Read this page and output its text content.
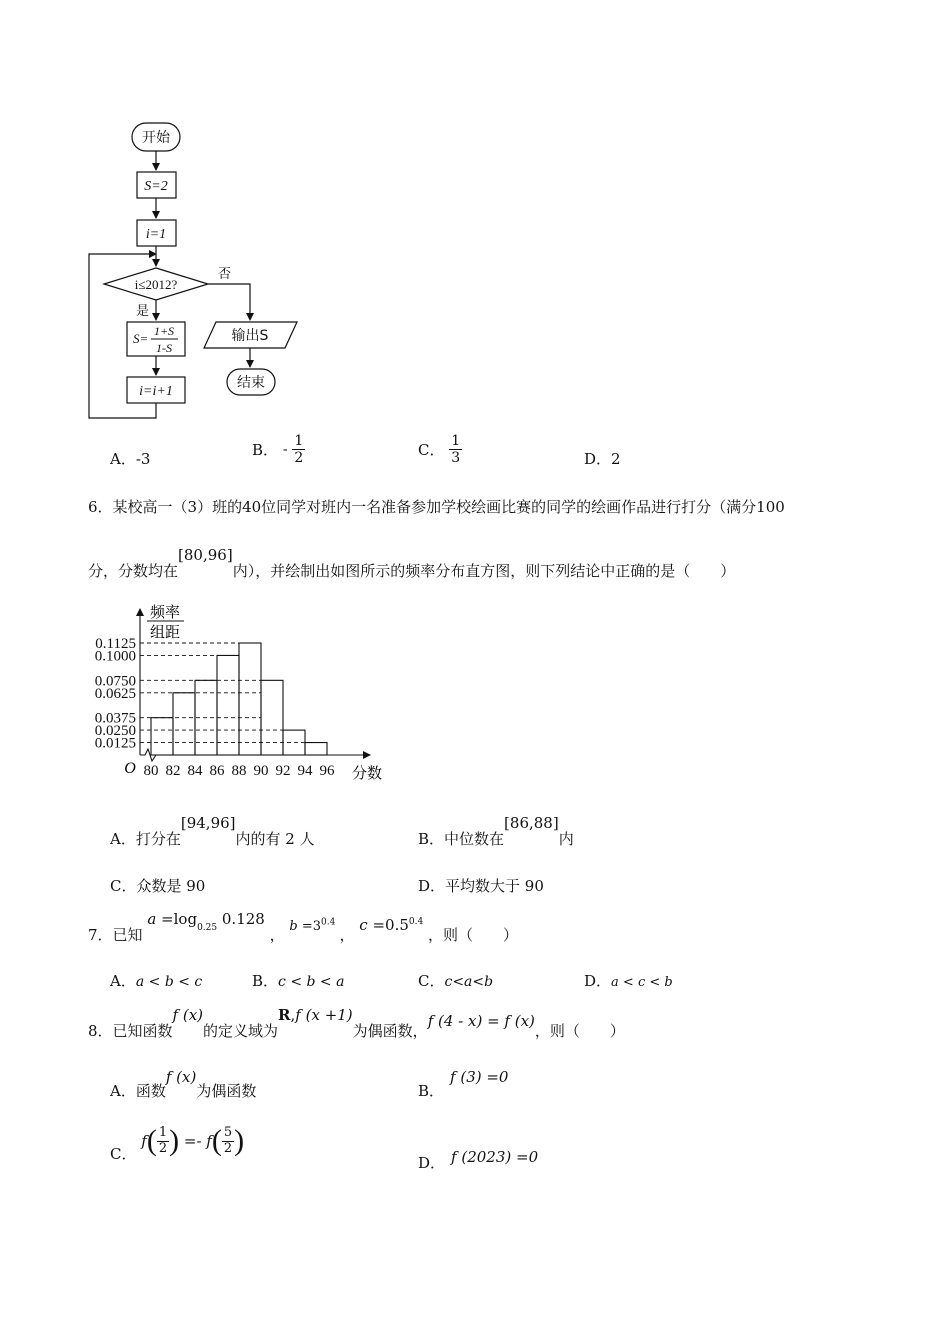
开始
S=2
i=1
i≤2012?
是
否
S= 1+S
1-S
i=i+1
输出S
结束
A．-3	B． - $\frac{1}{2}$	C． $\frac{1}{3}$	D．2
6．某校高一（3）班的40位同学对班内一名准备参加学校绘画比赛的同学的绘画作品进行打分（满分100
分，分数均在[80,96]内），并绘制出如图所示的频率分布直方图，则下列结论中正确的是（　　）
0.1125
0.1000
0.0750
0.0625
0.0375
0.0250
0.0125
80 82 84 86 88 90 92 94 96
频率
组距
O	分数
A．打分在[94,96]内的有 2 人	B．中位数在[86,88]内
C．众数是 90	D．平均数大于 90
7．已知 $a =\log_{0.25}$ 0.128 ， $b =3^{0.4}$ ， $c =0.5^{0.4}$ ，则（　　）
A．a < b < c	B．c < b < a	C．c<a<b	D．a < c < b
8．已知函数f (x)的定义域为R,f (x +1)为偶函数，f (4 - x) = f (x)，则（　　）
A．函数f (x)为偶函数	B．f (3) =0
C． $f( \frac{1}{2}$ ) =- $f( \frac{5}{2}$ )
D． f (2023) =0
